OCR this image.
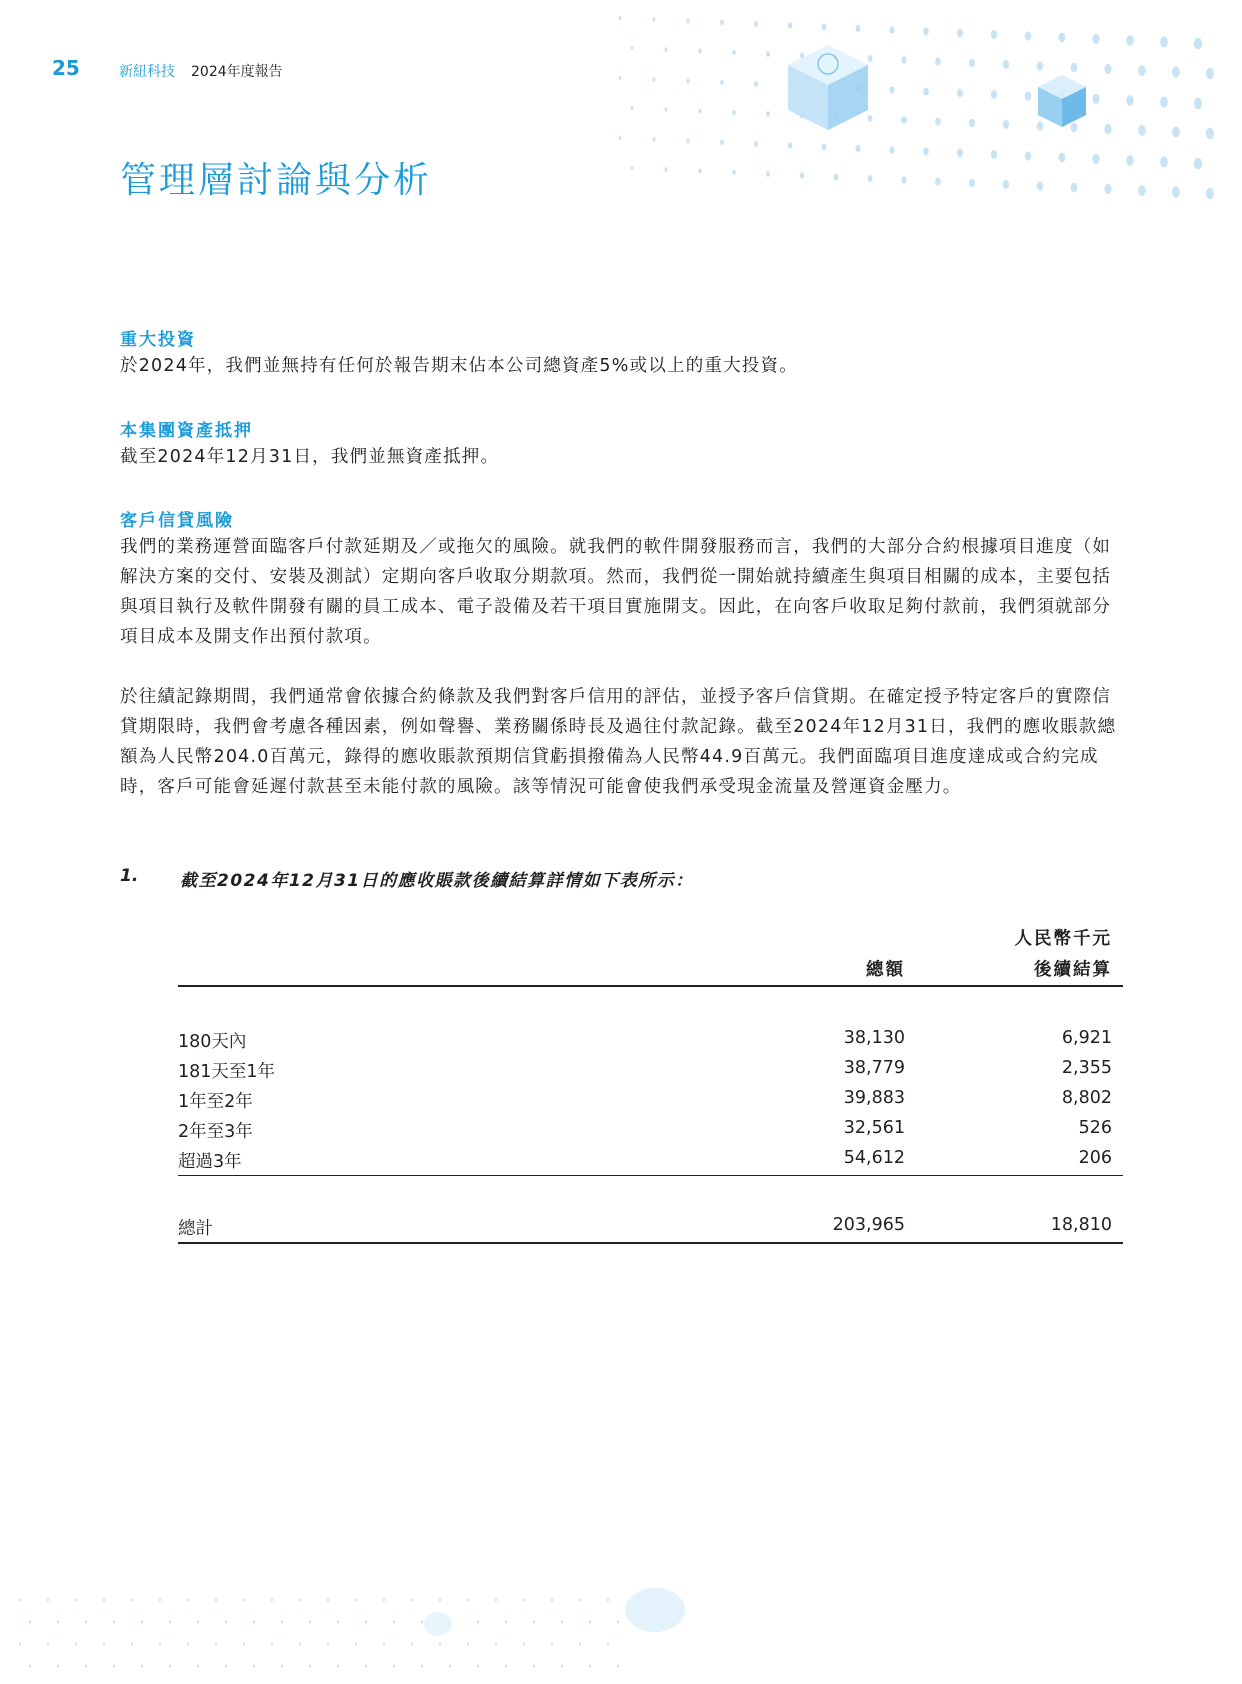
25	新紐科技 2024年度報告
管理層討論與分析
重大投資

於2024年，我們並無持有任何於報告期末佔本公司總資產5%或以上的重大投資。

本集團資產抵押

截至2024年12月31日，我們並無資產抵押。

客戶信貸風險

我們的業務運營面臨客戶付款延期及／或拖欠的風險。就我們的軟件開發服務而言，我們的大部分合約根據項目進度（如解決方案的交付、安裝及測試）定期向客戶收取分期款項。然而，我們從一開始就持續產生與項目相關的成本，主要包括與項目執行及軟件開發有關的員工成本、電子設備及若干項目實施開支。因此，在向客戶收取足夠付款前，我們須就部分項目成本及開支作出預付款項。

於往績記錄期間，我們通常會依據合約條款及我們對客戶信用的評估，並授予客戶信貸期。在確定授予特定客戶的實際信貸期限時，我們會考慮各種因素，例如聲譽、業務關係時長及過往付款記錄。截至2024年12月31日，我們的應收賬款總額為人民幣204.0百萬元，錄得的應收賬款預期信貸虧損撥備為人民幣44.9百萬元。我們面臨項目進度達成或合約完成時，客戶可能會延遲付款甚至未能付款的風險。該等情況可能會使我們承受現金流量及營運資金壓力。

1. 截至2024年12月31日的應收賬款後續結算詳情如下表所示：
人民幣千元
總額	後續結算
180天內	38,130	6,921
181天至1年	38,779	2,355
1年至2年	39,883	8,802
2年至3年	32,561	526
超過3年	54,612	206
總計	203,965	18,810
